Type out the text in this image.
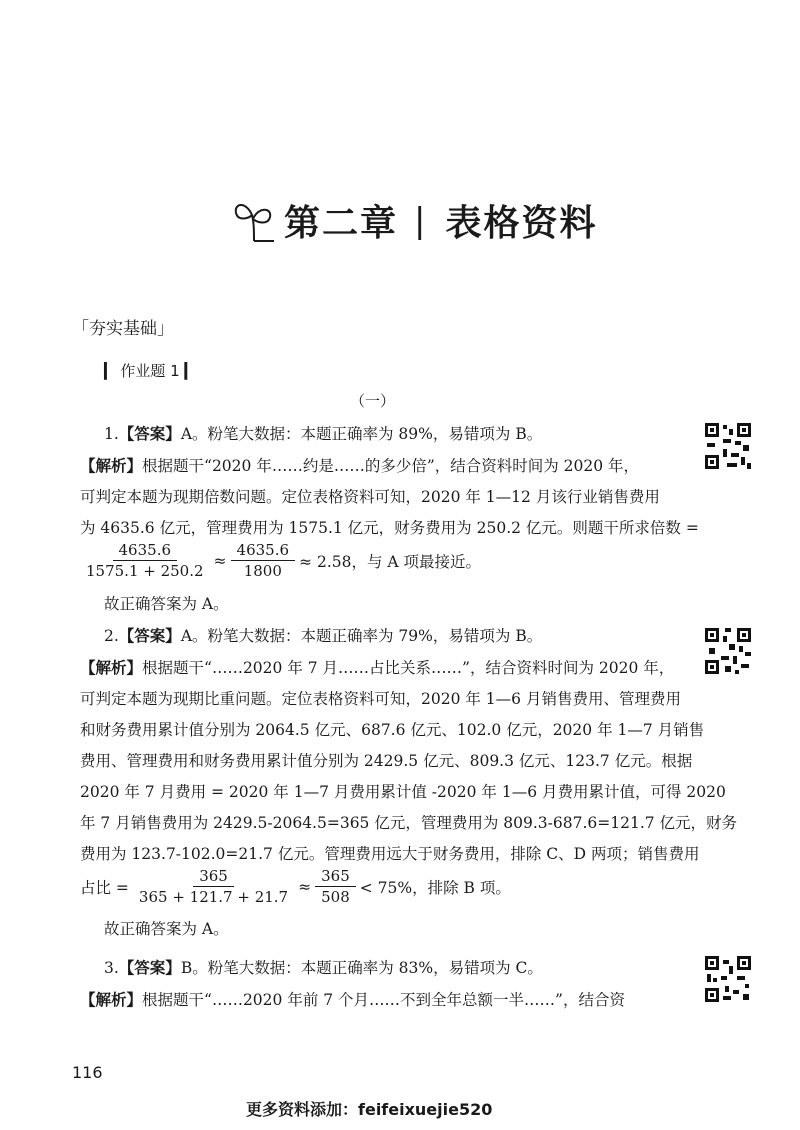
第二章 | 表格资料
「夯实基础」
▎ 作业题 1 ▎
（一）
1.【答案】A。粉笔大数据：本题正确率为 89%，易错项为 B。
【解析】根据题干“2020 年……约是……的多少倍”，结合资料时间为 2020 年，
可判定本题为现期倍数问题。定位表格资料可知，2020 年 1—12 月该行业销售费用
为 4635.6 亿元，管理费用为 1575.1 亿元，财务费用为 250.2 亿元。则题干所求倍数 =
$\frac{4635.6}{1575.1 + 250.2} \approx \frac{4635.6}{1800} \approx 2.58$，与 A 项最接近。
故正确答案为 A。
2.【答案】A。粉笔大数据：本题正确率为 79%，易错项为 B。
【解析】根据题干“……2020 年 7 月……占比关系……”，结合资料时间为 2020 年，
可判定本题为现期比重问题。定位表格资料可知，2020 年 1—6 月销售费用、管理费用
和财务费用累计值分别为 2064.5 亿元、687.6 亿元、102.0 亿元，2020 年 1—7 月销售
费用、管理费用和财务费用累计值分别为 2429.5 亿元、809.3 亿元、123.7 亿元。根据
2020 年 7 月费用 = 2020 年 1—7 月费用累计值 -2020 年 1—6 月费用累计值，可得 2020
年 7 月销售费用为 2429.5-2064.5=365 亿元，管理费用为 809.3-687.6=121.7 亿元，财务
费用为 123.7-102.0=21.7 亿元。管理费用远大于财务费用，排除 C、D 两项；销售费用
占比 = $\frac{365}{365 + 121.7 + 21.7} \approx \frac{365}{508} < 75\%$，排除 B 项。
故正确答案为 A。
3.【答案】B。粉笔大数据：本题正确率为 83%，易错项为 C。
【解析】根据题干“……2020 年前 7 个月……不到全年总额一半……”，结合资
116
更多资料添加：feifeixuejie520
